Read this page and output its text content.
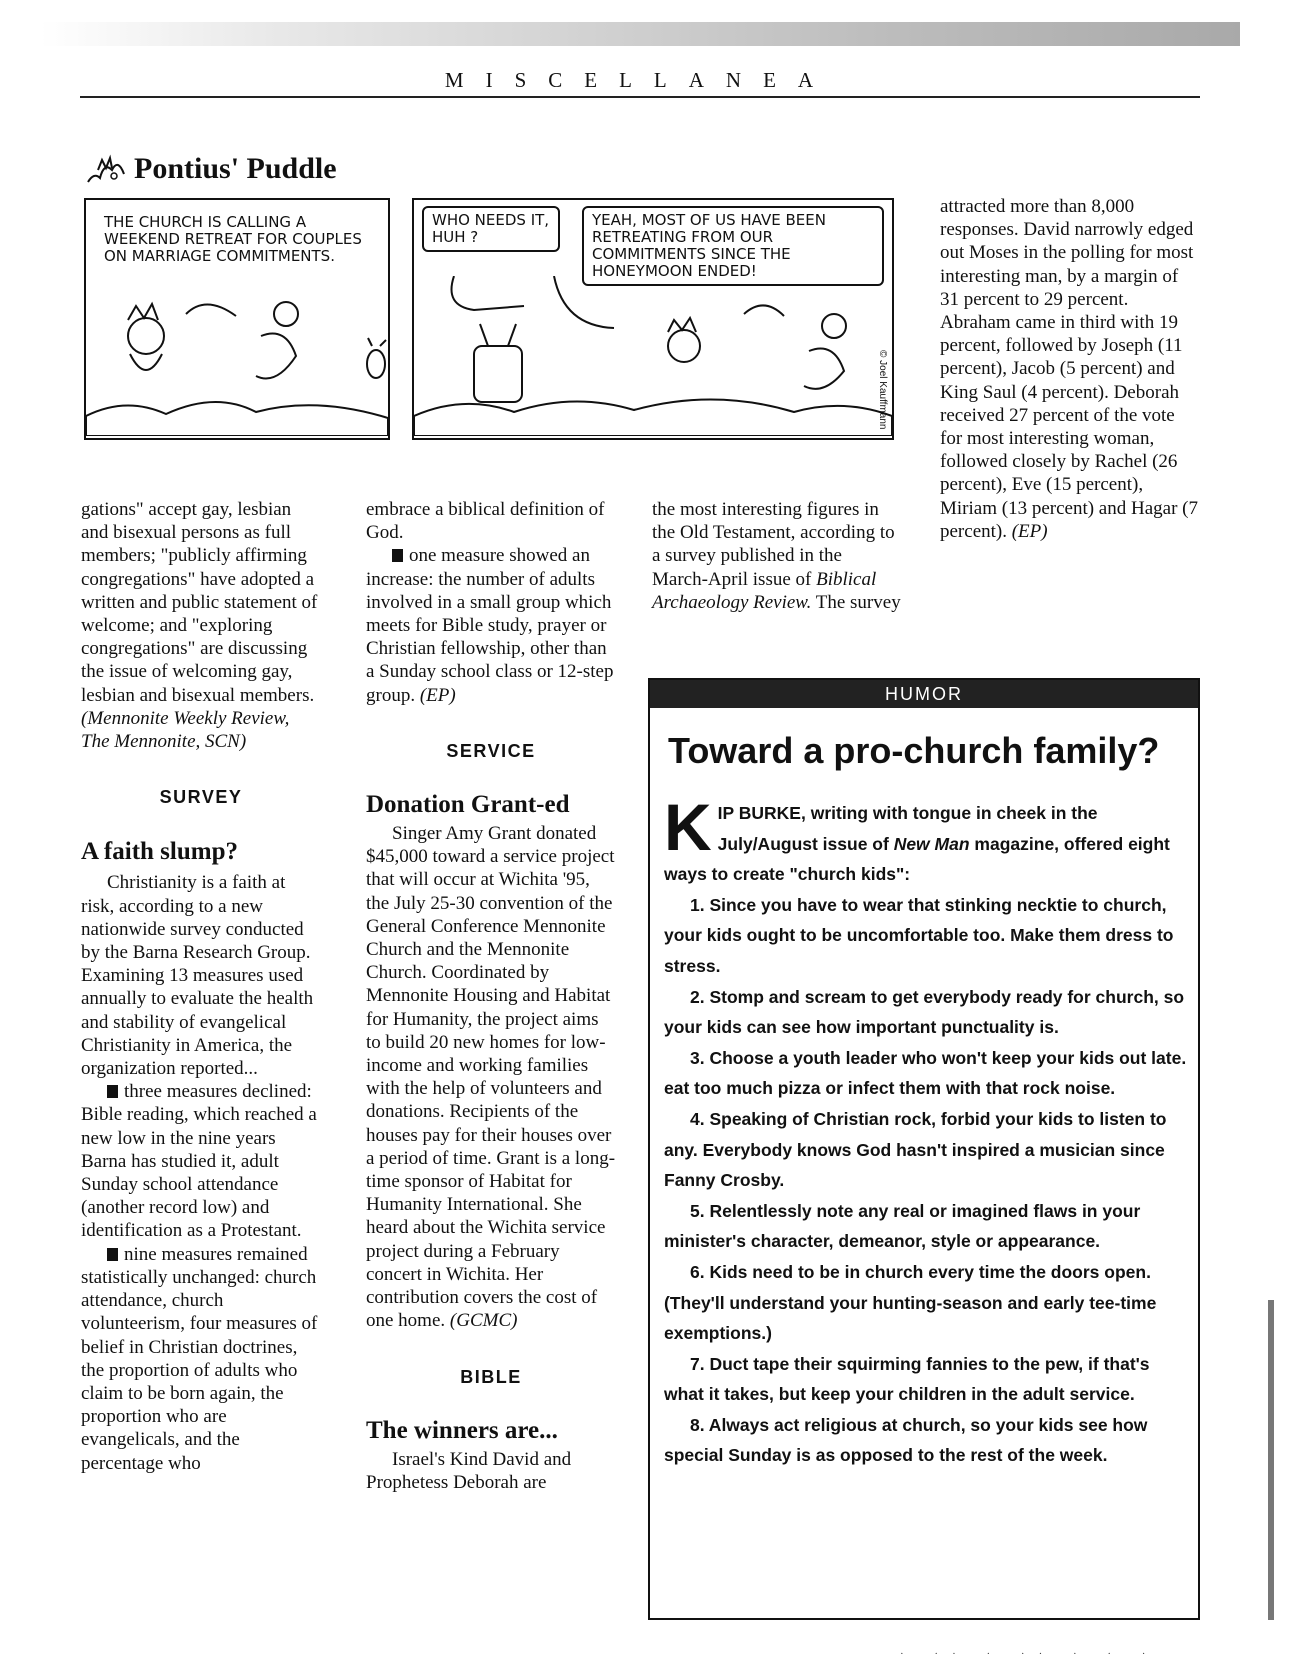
MISCELLANEA
Pontius' Puddle
THE CHURCH IS CALLING A WEEKEND RETREAT FOR COUPLES ON MARRIAGE COMMITMENTS.
WHO NEEDS IT, HUH ?
YEAH, MOST OF US HAVE BEEN RETREATING FROM OUR COMMITMENTS SINCE THE HONEYMOON ENDED!
© Joel Kauffmann

gations" accept gay, lesbian and bisexual persons as full members; "publicly affirming congregations" have adopted a written and public statement of welcome; and "exploring congregations" are discussing the issue of welcoming gay, lesbian and bisexual members. (Mennonite Weekly Review, The Mennonite, SCN)

SURVEY

A faith slump?

Christianity is a faith at risk, according to a new nationwide survey conducted by the Barna Research Group. Examining 13 measures used annually to evaluate the health and stability of evangelical Christianity in America, the organization reported...

three measures declined: Bible reading, which reached a new low in the nine years Barna has studied it, adult Sunday school attendance (another record low) and identification as a Protestant.

nine measures remained statistically unchanged: church attendance, church volunteerism, four measures of belief in Christian doctrines, the proportion of adults who claim to be born again, the proportion who are evangelicals, and the percentage who

embrace a biblical definition of God.

one measure showed an increase: the number of adults involved in a small group which meets for Bible study, prayer or Christian fellowship, other than a Sunday school class or 12-step group. (EP)

SERVICE

Donation Grant-ed

Singer Amy Grant donated $45,000 toward a service project that will occur at Wichita '95, the July 25-30 convention of the General Conference Mennonite Church and the Mennonite Church. Coordinated by Mennonite Housing and Habitat for Humanity, the project aims to build 20 new homes for low-income and working families with the help of volunteers and donations. Recipients of the houses pay for their houses over a period of time. Grant is a long-time sponsor of Habitat for Humanity International. She heard about the Wichita service project during a February concert in Wichita. Her contribution covers the cost of one home. (GCMC)

BIBLE

The winners are...

Israel's Kind David and Prophetess Deborah are

the most interesting figures in the Old Testament, according to a survey published in the March-April issue of Biblical Archaeology Review. The survey

attracted more than 8,000 responses. David narrowly edged out Moses in the polling for most interesting man, by a margin of 31 percent to 29 percent. Abraham came in third with 19 percent, followed by Joseph (11 percent), Jacob (5 percent) and King Saul (4 percent). Deborah received 27 percent of the vote for most interesting woman, followed closely by Rachel (26 percent), Eve (15 percent), Miriam (13 percent) and Hagar (7 percent). (EP)

HUMOR
Toward a pro-church family?

KIP BURKE, writing with tongue in cheek in the July/August issue of New Man magazine, offered eight ways to create "church kids":

1. Since you have to wear that stinking necktie to church, your kids ought to be uncomfortable too. Make them dress to stress.

2. Stomp and scream to get everybody ready for church, so your kids can see how important punctuality is.

3. Choose a youth leader who won't keep your kids out late. eat too much pizza or infect them with that rock noise.

4. Speaking of Christian rock, forbid your kids to listen to any. Everybody knows God hasn't inspired a musician since Fanny Crosby.

5. Relentlessly note any real or imagined flaws in your minister's character, demeanor, style or appearance.

6. Kids need to be in church every time the doors open. (They'll understand your hunting-season and early tee-time exemptions.)

7. Duct tape their squirming fannies to the pew, if that's what it takes, but keep your children in the adult service.

8. Always act religious at church, so your kids see how special Sunday is as opposed to the rest of the week.

· ·· · ·· · · ·
